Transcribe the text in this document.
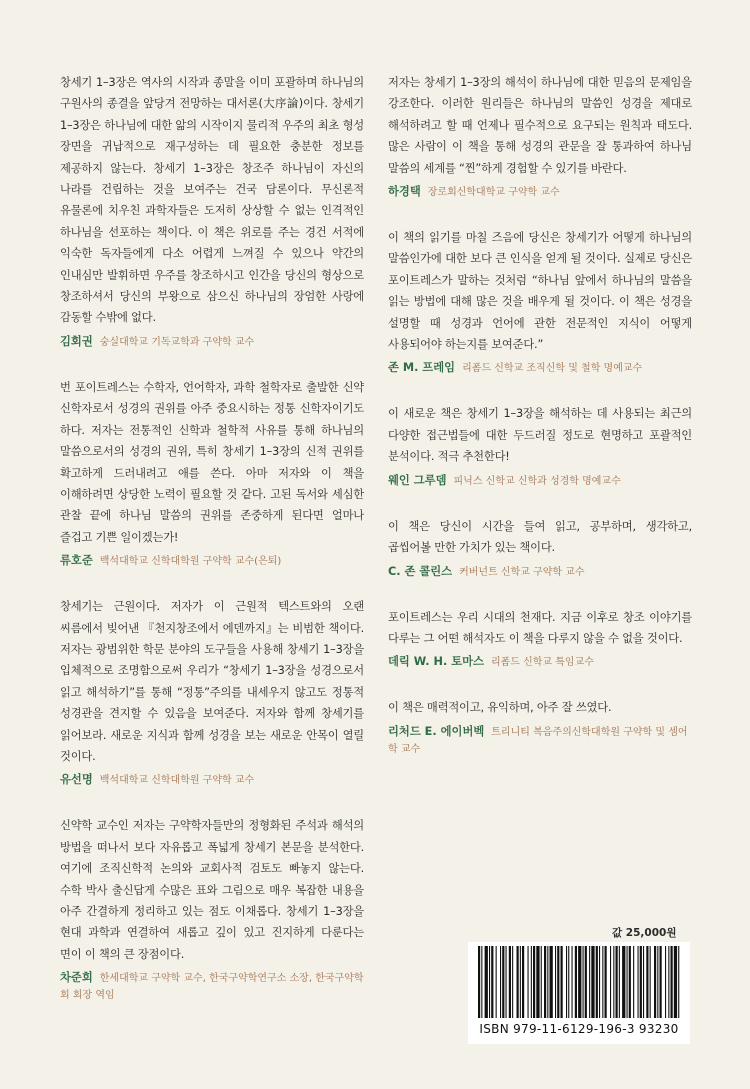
창세기 1–3장은 역사의 시작과 종말을 이미 포괄하며 하나님의 구원사의 종결을 앞당겨 전망하는 대서론(大序論)이다. 창세기 1–3장은 하나님에 대한 앎의 시작이지 물리적 우주의 최초 형성 장면을 귀납적으로 재구성하는 데 필요한 충분한 정보를 제공하지 않는다. 창세기 1–3장은 창조주 하나님이 자신의 나라를 건립하는 것을 보여주는 건국 담론이다. 무신론적 유물론에 치우친 과학자들은 도저히 상상할 수 없는 인격적인 하나님을 선포하는 책이다. 이 책은 위로를 주는 경건 서적에 익숙한 독자들에게 다소 어렵게 느껴질 수 있으나 약간의 인내심만 발휘하면 우주를 창조하시고 인간을 당신의 형상으로 창조하셔서 당신의 부왕으로 삼으신 하나님의 장엄한 사랑에 감동할 수밖에 없다.

김회권 숭실대학교 기독교학과 구약학 교수

번 포이트레스는 수학자, 언어학자, 과학 철학자로 출발한 신약 신학자로서 성경의 권위를 아주 중요시하는 정통 신학자이기도 하다. 저자는 전통적인 신학과 철학적 사유를 통해 하나님의 말씀으로서의 성경의 권위, 특히 창세기 1–3장의 신적 권위를 확고하게 드러내려고 애를 쓴다. 아마 저자와 이 책을 이해하려면 상당한 노력이 필요할 것 같다. 고된 독서와 세심한 관찰 끝에 하나님 말씀의 권위를 존중하게 된다면 얼마나 즐겁고 기쁜 일이겠는가!

류호준 백석대학교 신학대학원 구약학 교수(은퇴)

창세기는 근원이다. 저자가 이 근원적 텍스트와의 오랜 씨름에서 빚어낸 『천지창조에서 에덴까지』는 비범한 책이다. 저자는 광범위한 학문 분야의 도구들을 사용해 창세기 1–3장을 입체적으로 조명함으로써 우리가 “창세기 1–3장을 성경으로서 읽고 해석하기”를 통해 “정통”주의를 내세우지 않고도 정통적 성경관을 견지할 수 있음을 보여준다. 저자와 함께 창세기를 읽어보라. 새로운 지식과 함께 성경을 보는 새로운 안목이 열릴 것이다.

유선명 백석대학교 신학대학원 구약학 교수

신약학 교수인 저자는 구약학자들만의 정형화된 주석과 해석의 방법을 떠나서 보다 자유롭고 폭넓게 창세기 본문을 분석한다. 여기에 조직신학적 논의와 교회사적 검토도 빠놓지 않는다. 수학 박사 출신답게 수많은 표와 그림으로 매우 복잡한 내용을 아주 간결하게 정리하고 있는 점도 이채롭다. 창세기 1–3장을 현대 과학과 연결하여 새롭고 깊이 있고 진지하게 다룬다는 면이 이 책의 큰 장점이다.

차준희 한세대학교 구약학 교수, 한국구약학연구소 소장, 한국구약학회 회장 역임

저자는 창세기 1–3장의 해석이 하나님에 대한 믿음의 문제임을 강조한다. 이러한 원리들은 하나님의 말씀인 성경을 제대로 해석하려고 할 때 언제나 필수적으로 요구되는 원칙과 태도다. 많은 사람이 이 책을 통해 성경의 관문을 잘 통과하여 하나님 말씀의 세계를 “찐”하게 경험할 수 있기를 바란다.

하경택 장로회신학대학교 구약학 교수

이 책의 읽기를 마칠 즈음에 당신은 창세기가 어떻게 하나님의 말씀인가에 대한 보다 큰 인식을 얻게 될 것이다. 실제로 당신은 포이트레스가 말하는 것처럼 “하나님 앞에서 하나님의 말씀을 읽는 방법에 대해 많은 것을 배우게 될 것이다. 이 책은 성경을 설명할 때 성경과 언어에 관한 전문적인 지식이 어떻게 사용되어야 하는지를 보여준다.”

존 M. 프레임 리폼드 신학교 조직신학 및 철학 명예교수

이 새로운 책은 창세기 1–3장을 해석하는 데 사용되는 최근의 다양한 접근법들에 대한 두드러질 정도로 현명하고 포괄적인 분석이다. 적극 추천한다!

웨인 그루뎀 피닉스 신학교 신학과 성경학 명예교수

이 책은 당신이 시간을 들여 읽고, 공부하며, 생각하고, 곱씹어볼 만한 가치가 있는 책이다.

C. 존 콜린스 커버넌트 신학교 구약학 교수

포이트레스는 우리 시대의 천재다. 지금 이후로 창조 이야기를 다루는 그 어떤 해석자도 이 책을 다루지 않을 수 없을 것이다.

데릭 W. H. 토마스 리폼드 신학교 특임교수

이 책은 매력적이고, 유익하며, 아주 잘 쓰였다.

리처드 E. 에이버벡 트리니티 복음주의신학대학원 구약학 및 셈어학 교수
값 25,000원
ISBN 979-11-6129-196-3 93230
